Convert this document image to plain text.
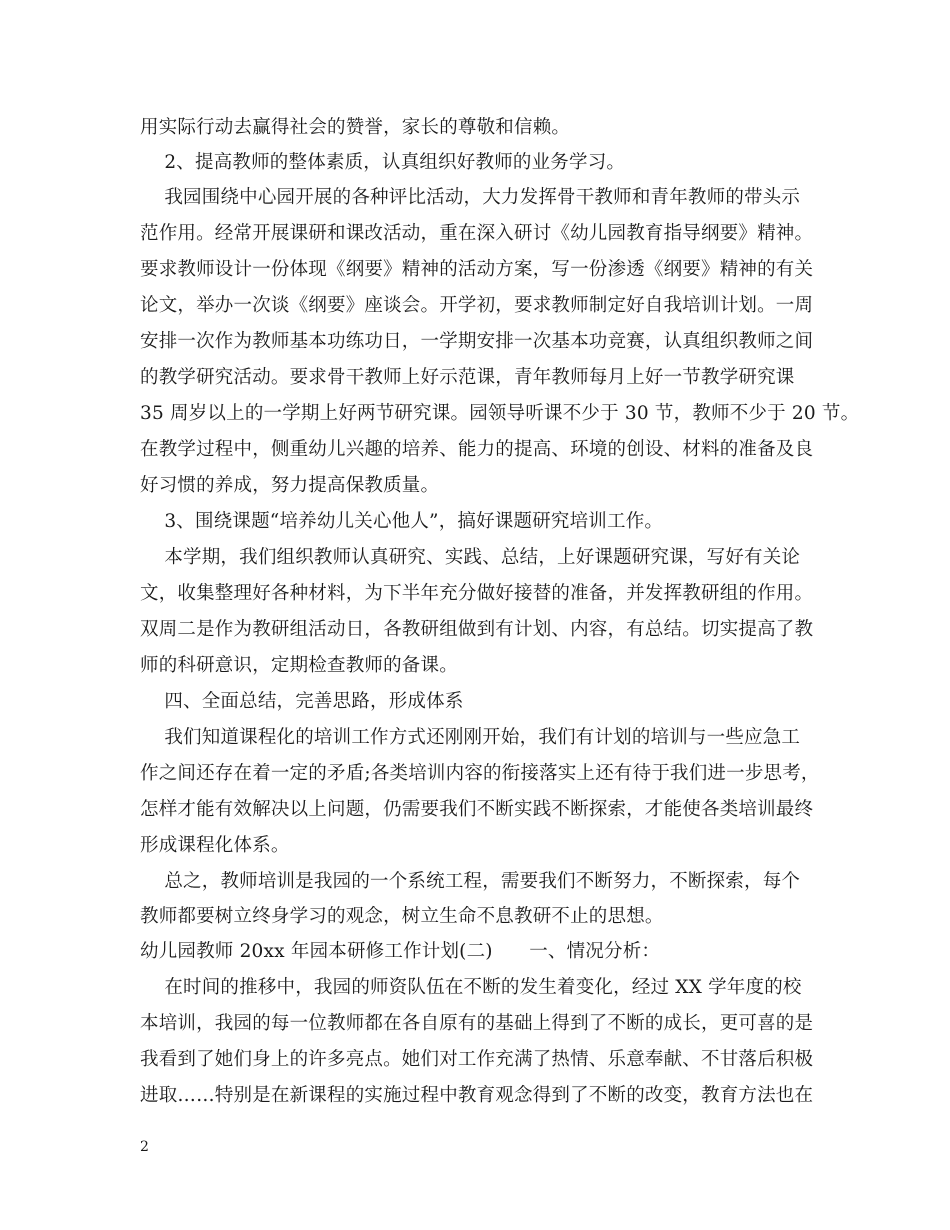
用实际行动去赢得社会的赞誉，家长的尊敬和信赖。
2、提高教师的整体素质，认真组织好教师的业务学习。
我园围绕中心园开展的各种评比活动，大力发挥骨干教师和青年教师的带头示
范作用。经常开展课研和课改活动，重在深入研讨《幼儿园教育指导纲要》精神。
要求教师设计一份体现《纲要》精神的活动方案，写一份渗透《纲要》精神的有关
论文，举办一次谈《纲要》座谈会。开学初，要求教师制定好自我培训计划。一周
安排一次作为教师基本功练功日，一学期安排一次基本功竞赛，认真组织教师之间
的教学研究活动。要求骨干教师上好示范课，青年教师每月上好一节教学研究课
35 周岁以上的一学期上好两节研究课。园领导听课不少于 30 节，教师不少于 20 节。
在教学过程中，侧重幼儿兴趣的培养、能力的提高、环境的创设、材料的准备及良
好习惯的养成，努力提高保教质量。
3、围绕课题“培养幼儿关心他人”，搞好课题研究培训工作。
本学期，我们组织教师认真研究、实践、总结，上好课题研究课，写好有关论
文，收集整理好各种材料，为下半年充分做好接替的准备，并发挥教研组的作用。
双周二是作为教研组活动日，各教研组做到有计划、内容，有总结。切实提高了教
师的科研意识，定期检查教师的备课。
四、全面总结，完善思路，形成体系
我们知道课程化的培训工作方式还刚刚开始，我们有计划的培训与一些应急工
作之间还存在着一定的矛盾;各类培训内容的衔接落实上还有待于我们进一步思考，
怎样才能有效解决以上问题，仍需要我们不断实践不断探索，才能使各类培训最终
形成课程化体系。
总之，教师培训是我园的一个系统工程，需要我们不断努力，不断探索，每个
教师都要树立终身学习的观念，树立生命不息教研不止的思想。
幼儿园教师 20xx 年园本研修工作计划(二)      一、情况分析：
在时间的推移中，我园的师资队伍在不断的发生着变化，经过 XX 学年度的校
本培训，我园的每一位教师都在各自原有的基础上得到了不断的成长，更可喜的是
我看到了她们身上的许多亮点。她们对工作充满了热情、乐意奉献、不甘落后积极
进取……特别是在新课程的实施过程中教育观念得到了不断的改变，教育方法也在
2
